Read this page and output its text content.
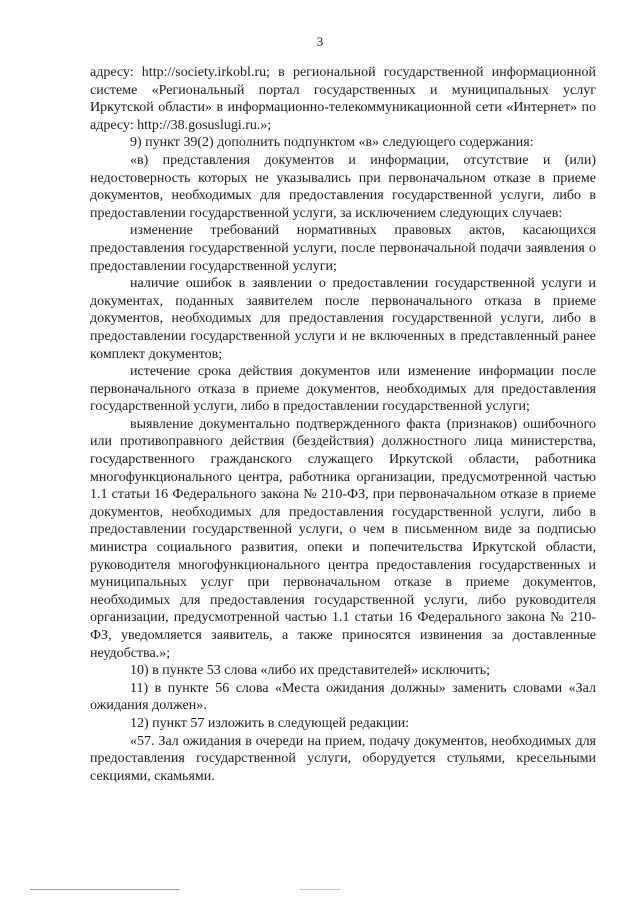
3

адресу: http://society.irkobl.ru; в региональной государственной информационной системе «Региональный портал государственных и муниципальных услуг Иркутской области» в информационно-телекоммуникационной сети «Интернет» по адресу: http://38.gosuslugi.ru.»;

9) пункт 39(2) дополнить подпунктом «в» следующего содержания:

«в) представления документов и информации, отсутствие и (или) недостоверность которых не указывались при первоначальном отказе в приеме документов, необходимых для предоставления государственной услуги, либо в предоставлении государственной услуги, за исключением следующих случаев:

изменение требований нормативных правовых актов, касающихся предоставления государственной услуги, после первоначальной подачи заявления о предоставлении государственной услуги;

наличие ошибок в заявлении о предоставлении государственной услуги и документах, поданных заявителем после первоначального отказа в приеме документов, необходимых для предоставления государственной услуги, либо в предоставлении государственной услуги и не включенных в представленный ранее комплект документов;

истечение срока действия документов или изменение информации после первоначального отказа в приеме документов, необходимых для предоставления государственной услуги, либо в предоставлении государственной услуги;

выявление документально подтвержденного факта (признаков) ошибочного или противоправного действия (бездействия) должностного лица министерства, государственного гражданского служащего Иркутской области, работника многофункционального центра, работника организации, предусмотренной частью 1.1 статьи 16 Федерального закона № 210-ФЗ, при первоначальном отказе в приеме документов, необходимых для предоставления государственной услуги, либо в предоставлении государственной услуги, о чем в письменном виде за подписью министра социального развития, опеки и попечительства Иркутской области, руководителя многофункционального центра предоставления государственных и муниципальных услуг при первоначальном отказе в приеме документов, необходимых для предоставления государственной услуги, либо руководителя организации, предусмотренной частью 1.1 статьи 16 Федерального закона № 210-ФЗ, уведомляется заявитель, а также приносятся извинения за доставленные неудобства.»;

10) в пункте 53 слова «либо их представителей» исключить;

11) в пункте 56 слова «Места ожидания должны» заменить словами «Зал ожидания должен».

12) пункт 57 изложить в следующей редакции:

«57. Зал ожидания в очереди на прием, подачу документов, необходимых для предоставления государственной услуги, оборудуется стульями, кресельными секциями, скамьями.
